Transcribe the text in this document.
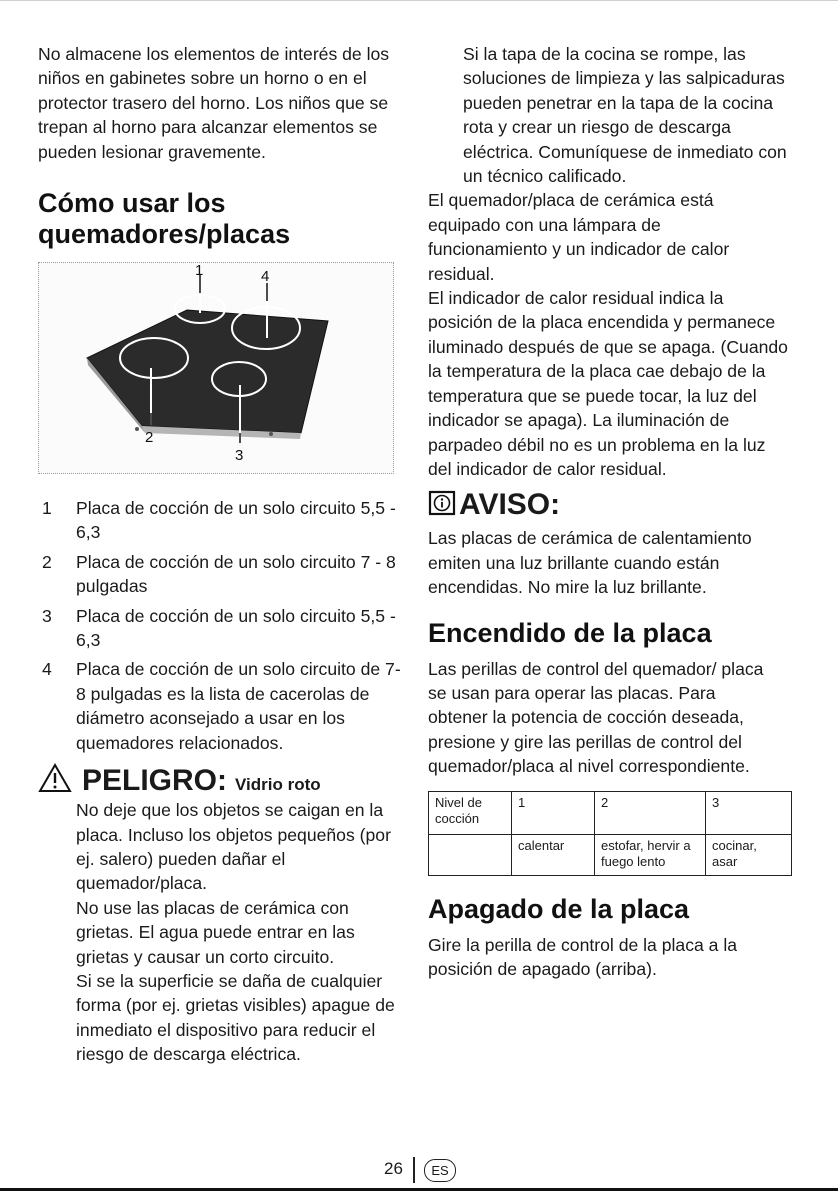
No almacene los elementos de interés de los niños en gabinetes sobre un horno o en el protector trasero del horno. Los niños que se trepan al horno para alcanzar elementos se pueden lesionar gravemente.

Cómo usar los
quemadores/placas
1	4
2
3
1 Placa de cocción de un solo circuito 5,5 - 6,3
2 Placa de cocción de un solo circuito 7 - 8 pulgadas
3 Placa de cocción de un solo circuito 5,5 - 6,3
4 Placa de cocción de un solo circuito de 7-8 pulgadas es la lista de cacerolas de diámetro aconsejado a usar en los quemadores relacionados.
PELIGRO: Vidrio roto

No deje que los objetos se caigan en la placa. Incluso los objetos pequeños (por ej. salero) pueden dañar el quemador/placa.

No use las placas de cerámica con grietas. El agua puede entrar en las grietas y causar un corto circuito.

Si se la superficie se daña de cualquier forma (por ej. grietas visibles) apague de inmediato el dispositivo para reducir el riesgo de descarga eléctrica.

Si la tapa de la cocina se rompe, las soluciones de limpieza y las salpicaduras pueden penetrar en la tapa de la cocina rota y crear un riesgo de descarga eléctrica. Comuníquese de inmediato con un técnico calificado.

El quemador/placa de cerámica está equipado con una lámpara de funcionamiento y un indicador de calor residual.

El indicador de calor residual indica la posición de la placa encendida y permanece iluminado después de que se apaga. (Cuando la temperatura de la placa cae debajo de la temperatura que se puede tocar, la luz del indicador se apaga). La iluminación de parpadeo débil no es un problema en la luz del indicador de calor residual.

AVISO:

Las placas de cerámica de calentamiento emiten una luz brillante cuando están encendidas. No mire la luz brillante.

Encendido de la placa

Las perillas de control del quemador/ placa se usan para operar las placas. Para obtener la potencia de cocción deseada, presione y gire las perillas de control del quemador/placa al nivel correspondiente.

Nivel de cocción	1	2	3
	calentar	estofar, hervir a fuego lento	cocinar, asar
Apagado de la placa

Gire la perilla de control de la placa a la posición de apagado (arriba).

26	ES
